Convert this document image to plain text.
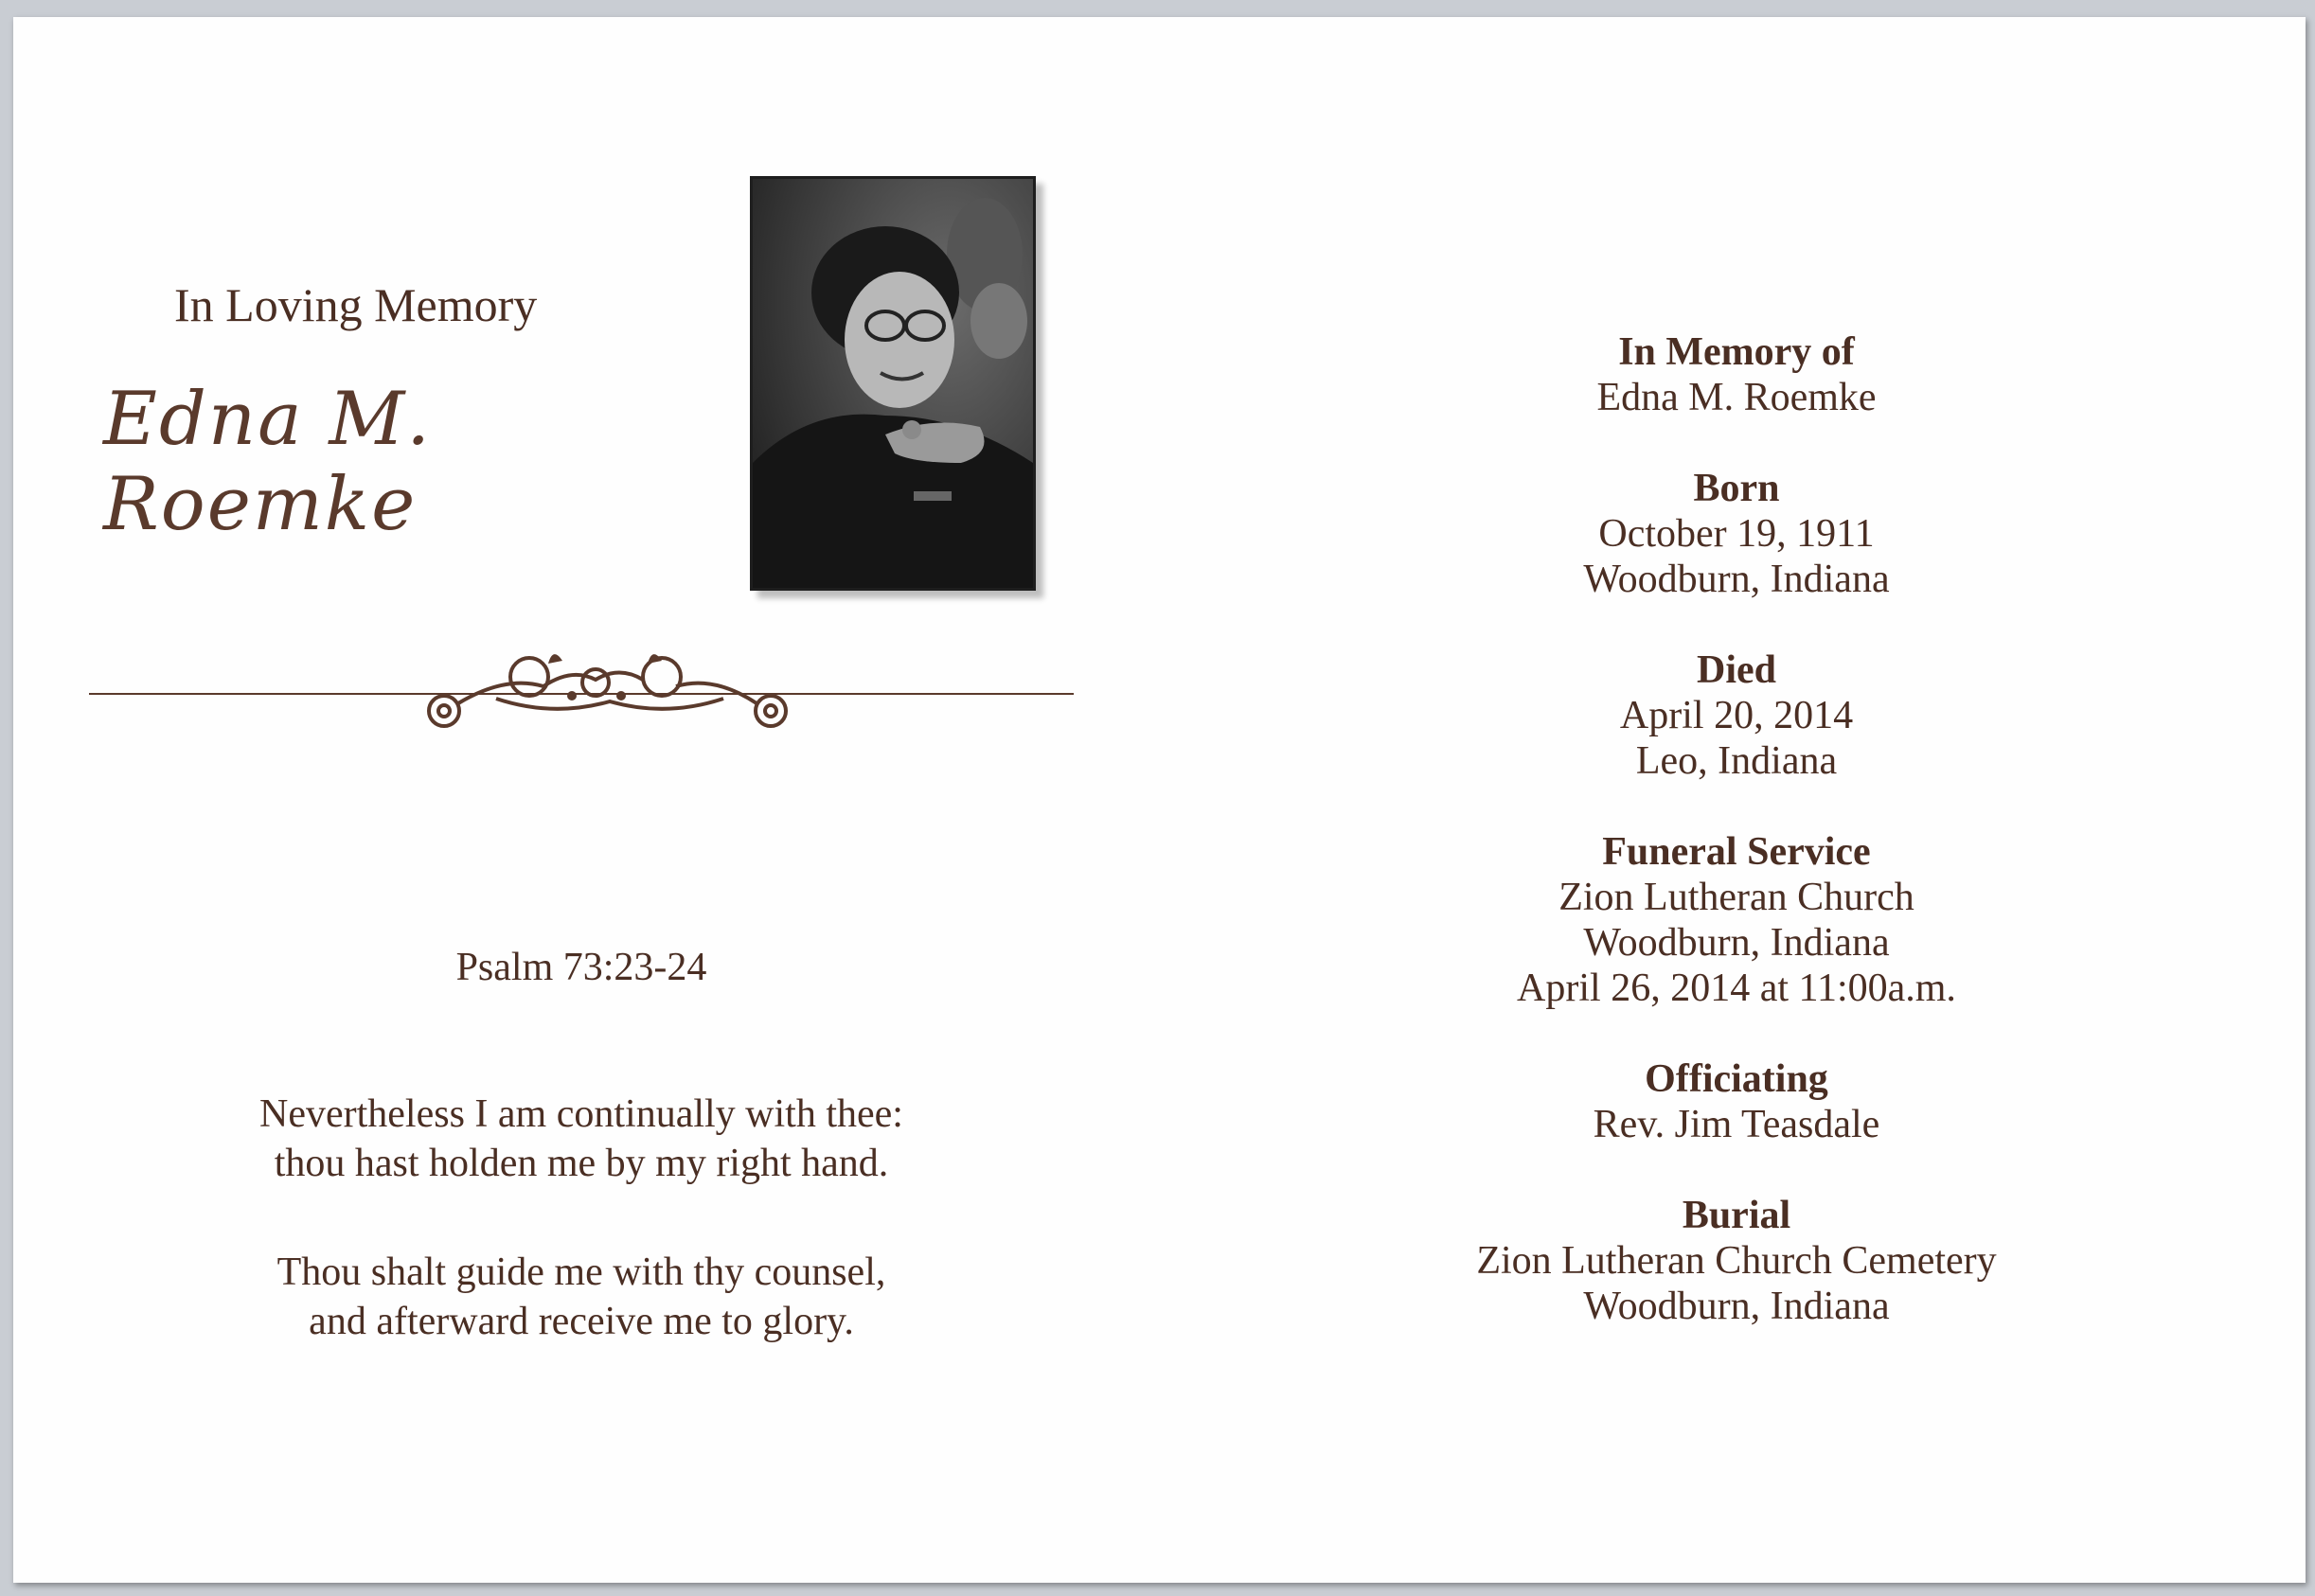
In Loving Memory
Edna M. Roemke
Psalm 73:23-24
Nevertheless I am continually with thee:
thou hast holden me by my right hand.
Thou shalt guide me with thy counsel,
and afterward receive me to glory.
In Memory of
Edna M. Roemke
Born
October 19, 1911
Woodburn, Indiana
Died
April 20, 2014
Leo, Indiana
Funeral Service
Zion Lutheran Church
Woodburn, Indiana
April 26, 2014 at 11:00a.m.
Officiating
Rev. Jim Teasdale
Burial
Zion Lutheran Church Cemetery
Woodburn, Indiana
